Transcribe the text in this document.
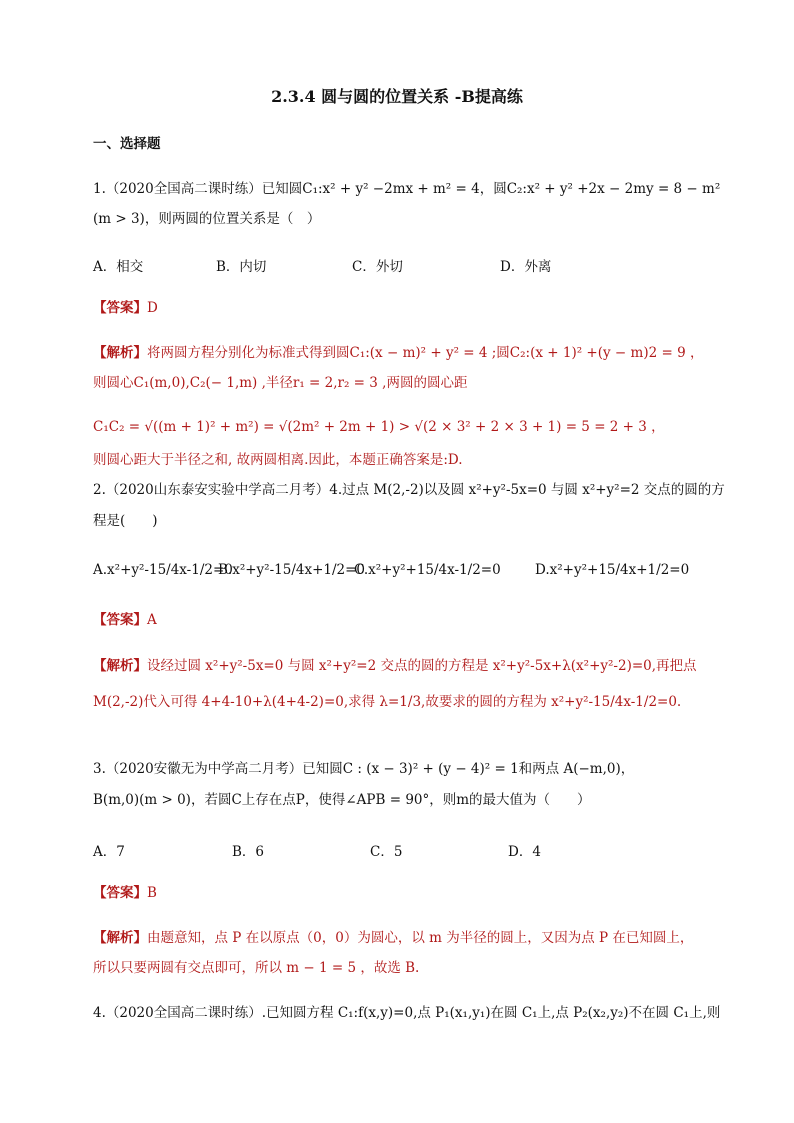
2.3.4 圆与圆的位置关系 -B提高练
一、选择题
1.（2020全国高二课时练）已知圆C₁:x² + y² −2mx + m² = 4，圆C₂:x² + y² +2x − 2my = 8 − m²
(m > 3)，则两圆的位置关系是（　）
A．相交	B．内切	C．外切	D．外离
【答案】D
【解析】将两圆方程分别化为标准式得到圆C₁:(x − m)² + y² = 4 ;圆C₂:(x + 1)² +(y − m)2 = 9 ，
则圆心C₁(m,0),C₂(− 1,m) ,半径r₁ = 2,r₂ = 3 ,两圆的圆心距
C₁C₂ = √((m + 1)² + m²) = √(2m² + 2m + 1) > √(2 × 3² + 2 × 3 + 1) = 5 = 2 + 3 ，
则圆心距大于半径之和, 故两圆相离.因此，本题正确答案是:D.
2.（2020山东泰安实验中学高二月考）4.过点 M(2,-2)以及圆 x²+y²-5x=0 与圆 x²+y²=2 交点的圆的方
程是(　　)
A.x²+y²-15/4x-1/2=0
B.x²+y²-15/4x+1/2=0
C.x²+y²+15/4x-1/2=0	D.x²+y²+15/4x+1/2=0
【答案】A
【解析】设经过圆 x²+y²-5x=0 与圆 x²+y²=2 交点的圆的方程是 x²+y²-5x+λ(x²+y²-2)=0,再把点
M(2,-2)代入可得 4+4-10+λ(4+4-2)=0,求得 λ=1/3,故要求的圆的方程为 x²+y²-15/4x-1/2=0.
3.（2020安徽无为中学高二月考）已知圆C : (x − 3)² + (y − 4)² = 1和两点 A(−m,0)，
B(m,0)(m > 0)，若圆C上存在点P，使得∠APB = 90°，则m的最大值为（　　）
A．7	B．6	C．5	D．4
【答案】B
【解析】由题意知，点 P 在以原点（0，0）为圆心，以 m 为半径的圆上，又因为点 P 在已知圆上，
所以只要两圆有交点即可，所以 m − 1 = 5 ，故选 B.
4.（2020全国高二课时练）.已知圆方程 C₁:f(x,y)=0,点 P₁(x₁,y₁)在圆 C₁上,点 P₂(x₂,y₂)不在圆 C₁上,则
